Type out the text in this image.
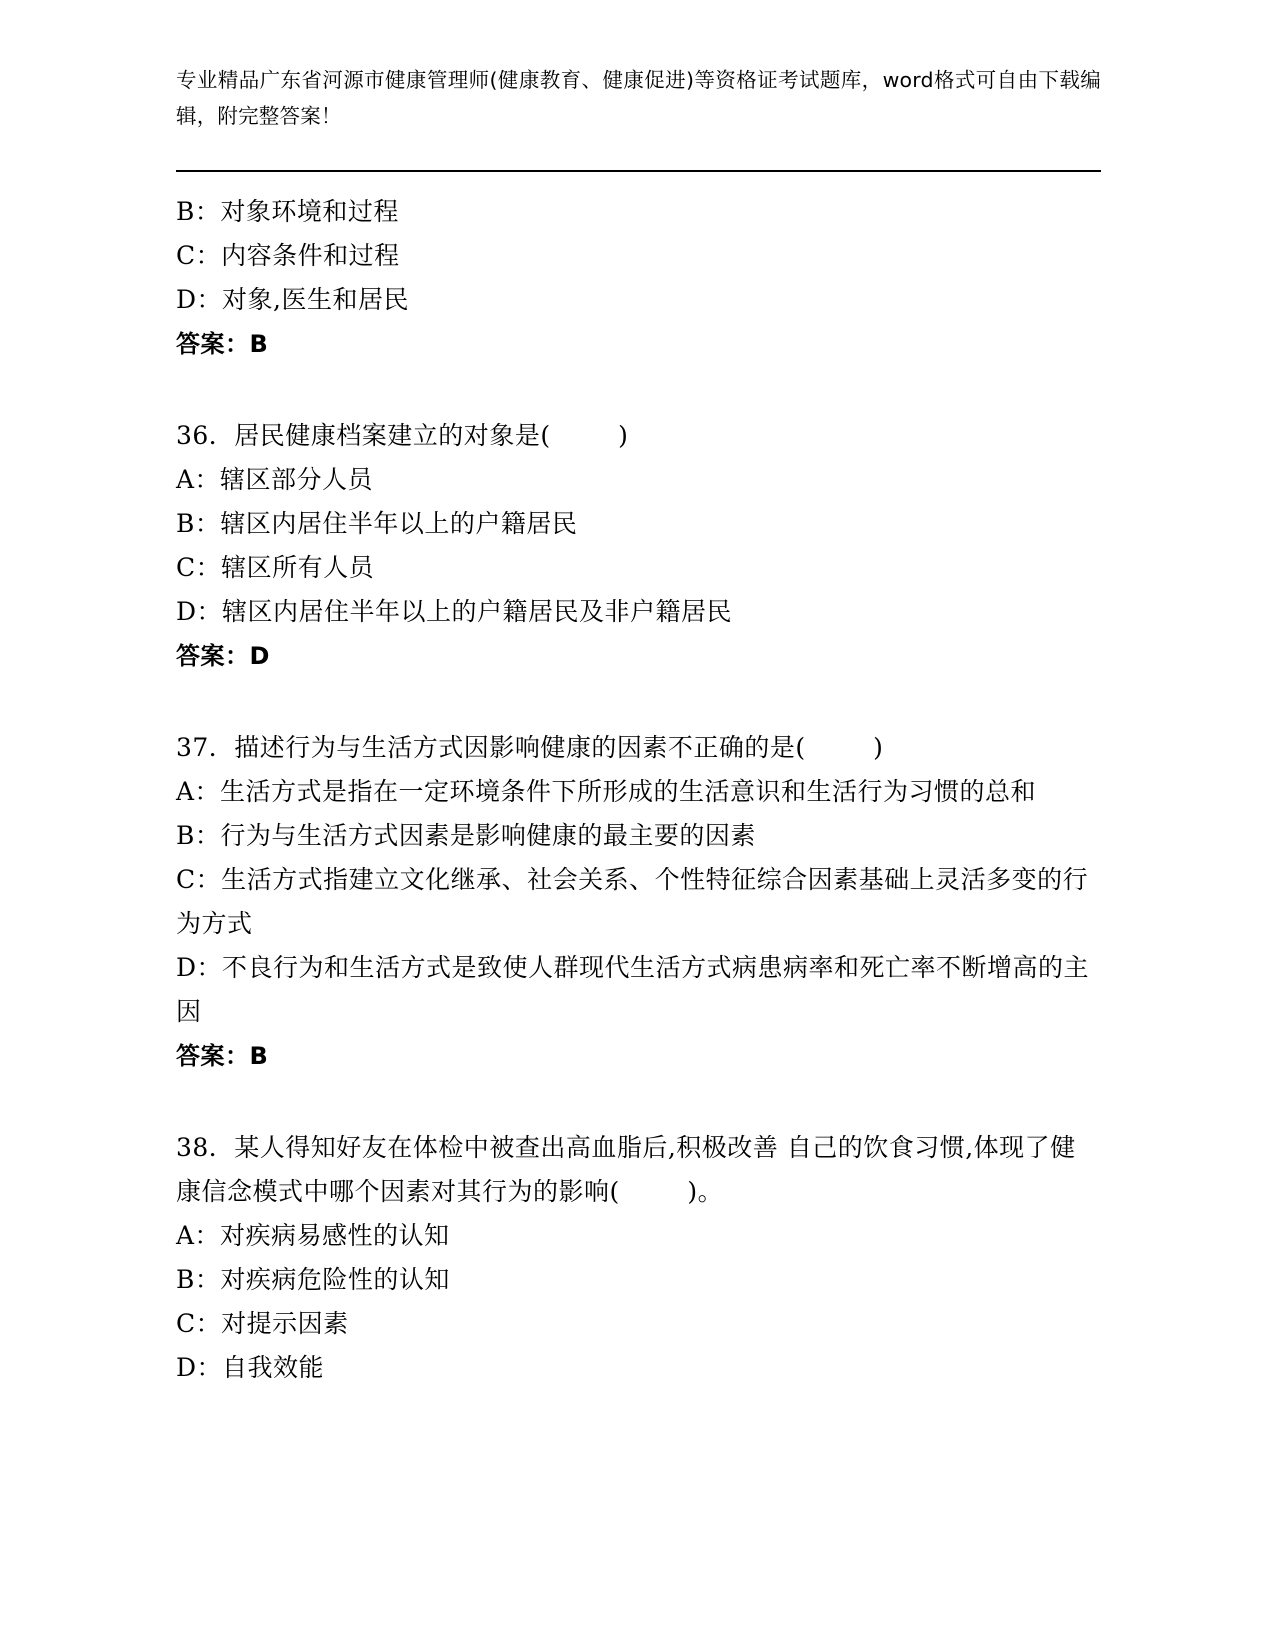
专业精品广东省河源市健康管理师(健康教育、健康促进)等资格证考试题库，word格式可自由下载编辑，附完整答案！
B：对象环境和过程
C：内容条件和过程
D：对象,医生和居民
答案：B
36．居民健康档案建立的对象是(        )
A：辖区部分人员
B：辖区内居住半年以上的户籍居民
C：辖区所有人员
D：辖区内居住半年以上的户籍居民及非户籍居民
答案：D
37．描述行为与生活方式因影响健康的因素不正确的是(        )
A：生活方式是指在一定环境条件下所形成的生活意识和生活行为习惯的总和
B：行为与生活方式因素是影响健康的最主要的因素
C：生活方式指建立文化继承、社会关系、个性特征综合因素基础上灵活多变的行为方式
D：不良行为和生活方式是致使人群现代生活方式病患病率和死亡率不断增高的主因
答案：B
38．某人得知好友在体检中被查出高血脂后,积极改善 自己的饮食习惯,体现了健康信念模式中哪个因素对其行为的影响(        )。
A：对疾病易感性的认知
B：对疾病危险性的认知
C：对提示因素
D：自我效能
